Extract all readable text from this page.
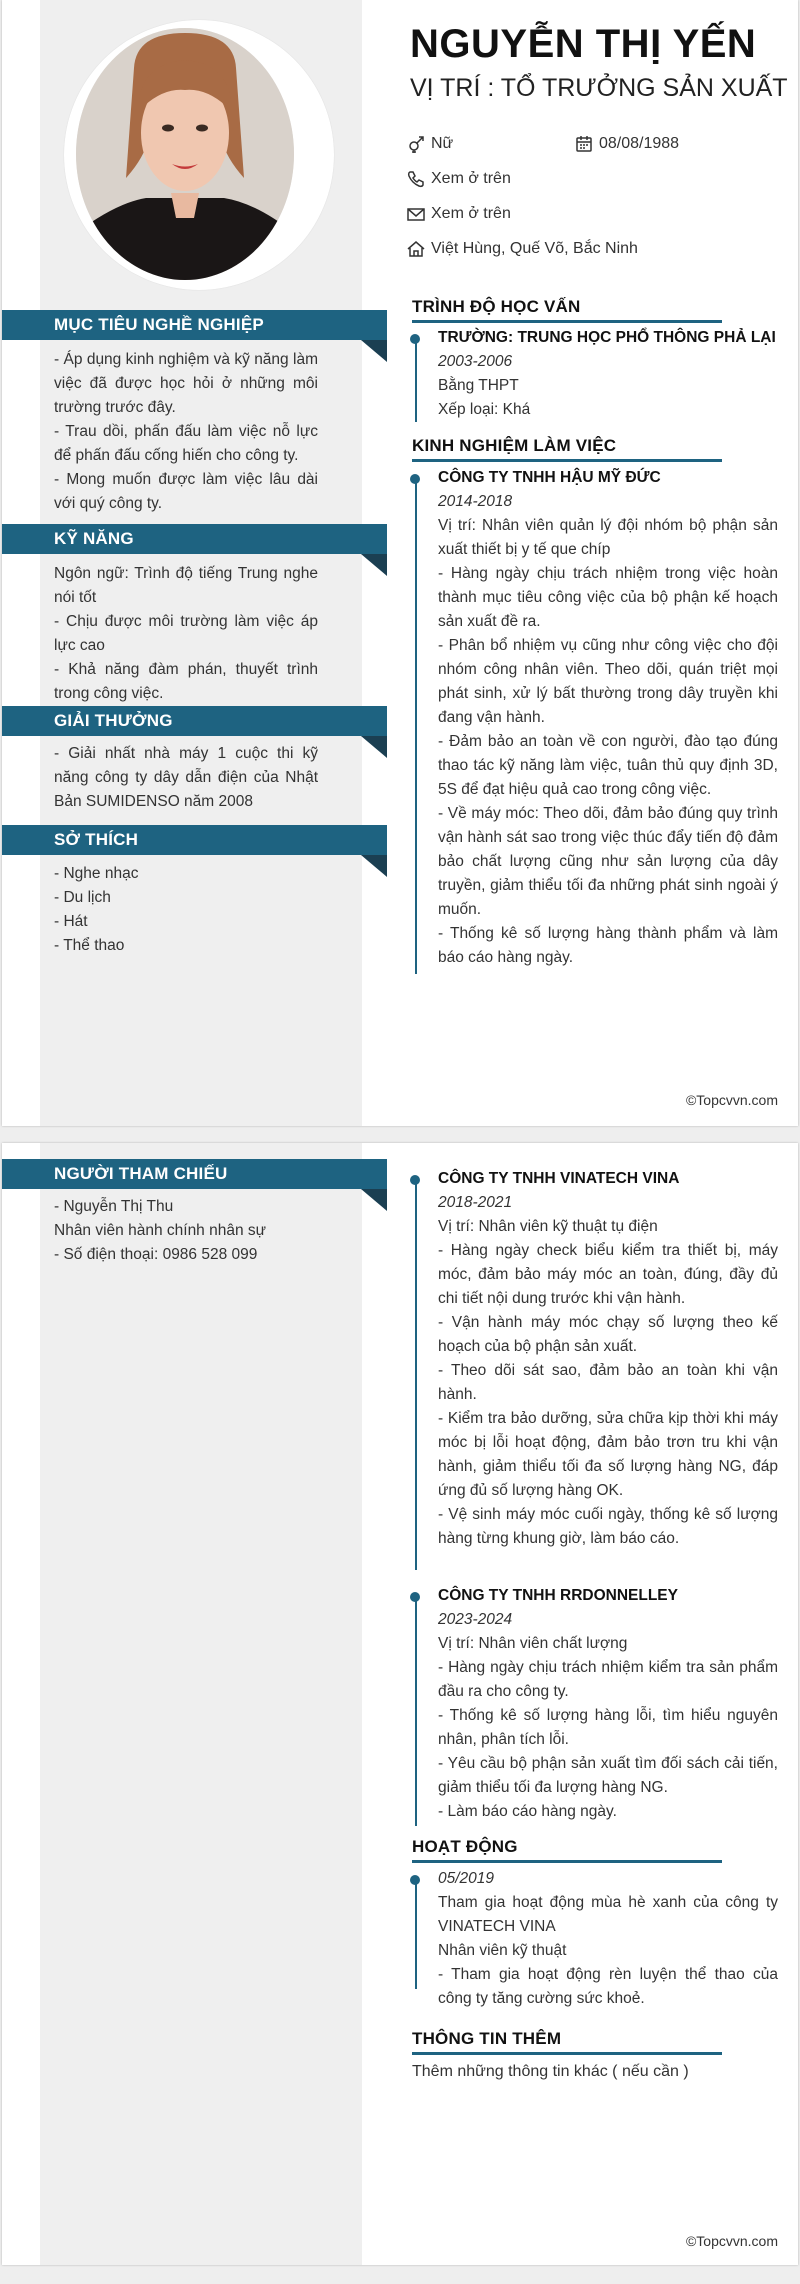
MỤC TIÊU NGHỀ NGHIỆP
- Áp dụng kinh nghiệm và kỹ năng làm việc đã được học hỏi ở những môi trường trước đây.
- Trau dồi, phấn đấu làm việc nỗ lực để phấn đấu cống hiến cho công ty.
- Mong muốn được làm việc lâu dài với quý công ty.
KỸ NĂNG
Ngôn ngữ: Trình độ tiếng Trung nghe nói tốt
- Chịu được môi trường làm việc áp lực cao
- Khả năng đàm phán, thuyết trình trong công việc.
GIẢI THƯỞNG
- Giải nhất nhà máy 1 cuộc thi kỹ năng công ty dây dẫn điện của Nhật Bản SUMIDENSO năm 2008
SỞ THÍCH
- Nghe nhạc
- Du lịch
- Hát
- Thể thao
NGUYỄN THỊ YẾN
VỊ TRÍ : TỔ TRƯỞNG SẢN XUẤT
Nữ	08/08/1988
Xem ở trên
Xem ở trên
Việt Hùng, Quế Võ, Bắc Ninh
TRÌNH ĐỘ HỌC VẤN
TRƯỜNG: TRUNG HỌC PHỔ THÔNG PHẢ LẠI
2003-2006
Bằng THPT
Xếp loại: Khá
KINH NGHIỆM LÀM VIỆC
CÔNG TY TNHH HẬU MỸ ĐỨC
2014-2018
Vị trí: Nhân viên quản lý đội nhóm bộ phận sản xuất thiết bị y tế que chíp
- Hàng ngày chịu trách nhiệm trong việc hoàn thành mục tiêu công việc của bộ phận kế hoạch sản xuất đề ra.
- Phân bổ nhiệm vụ cũng như công việc cho đội nhóm công nhân viên. Theo dõi, quán triệt mọi phát sinh, xử lý bất thường trong dây truyền khi đang vận hành.
- Đảm bảo an toàn về con người, đào tạo đúng thao tác kỹ năng làm việc, tuân thủ quy định 3D, 5S để đạt hiệu quả cao trong công việc.
- Về máy móc: Theo dõi, đảm bảo đúng quy trình vận hành sát sao trong việc thúc đẩy tiến độ đảm bảo chất lượng cũng như sản lượng của dây truyền, giảm thiểu tối đa những phát sinh ngoài ý muốn.
- Thống kê số lượng hàng thành phẩm và làm báo cáo hàng ngày.
©Topcvvn.com
NGƯỜI THAM CHIẾU
- Nguyễn Thị Thu
Nhân viên hành chính nhân sự
- Số điện thoại: 0986 528 099
CÔNG TY TNHH VINATECH VINA
2018-2021
Vị trí: Nhân viên kỹ thuật tụ điện
- Hàng ngày check biểu kiểm tra thiết bị, máy móc, đảm bảo máy móc an toàn, đúng, đầy đủ chi tiết nội dung trước khi vận hành.
- Vận hành máy móc chạy số lượng theo kế hoạch của bộ phận sản xuất.
- Theo dõi sát sao, đảm bảo an toàn khi vận hành.
- Kiểm tra bảo dưỡng, sửa chữa kịp thời khi máy móc bị lỗi hoạt động, đảm bảo trơn tru khi vận hành, giảm thiểu tối đa số lượng hàng NG, đáp ứng đủ số lượng hàng OK.
- Vệ sinh máy móc cuối ngày, thống kê số lượng hàng từng khung giờ, làm báo cáo.
CÔNG TY TNHH RRDONNELLEY
2023-2024
Vị trí: Nhân viên chất lượng
- Hàng ngày chịu trách nhiệm kiểm tra sản phẩm đầu ra cho công ty.
- Thống kê số lượng hàng lỗi, tìm hiểu nguyên nhân, phân tích lỗi.
- Yêu cầu bộ phận sản xuất tìm đối sách cải tiến, giảm thiểu tối đa lượng hàng NG.
- Làm báo cáo hàng ngày.
HOẠT ĐỘNG
05/2019
Tham gia hoạt động mùa hè xanh của công ty VINATECH VINA
Nhân viên kỹ thuật
- Tham gia hoạt động rèn luyện thể thao của công ty tăng cường sức khoẻ.
THÔNG TIN THÊM
Thêm những thông tin khác ( nếu cần )
©Topcvvn.com
